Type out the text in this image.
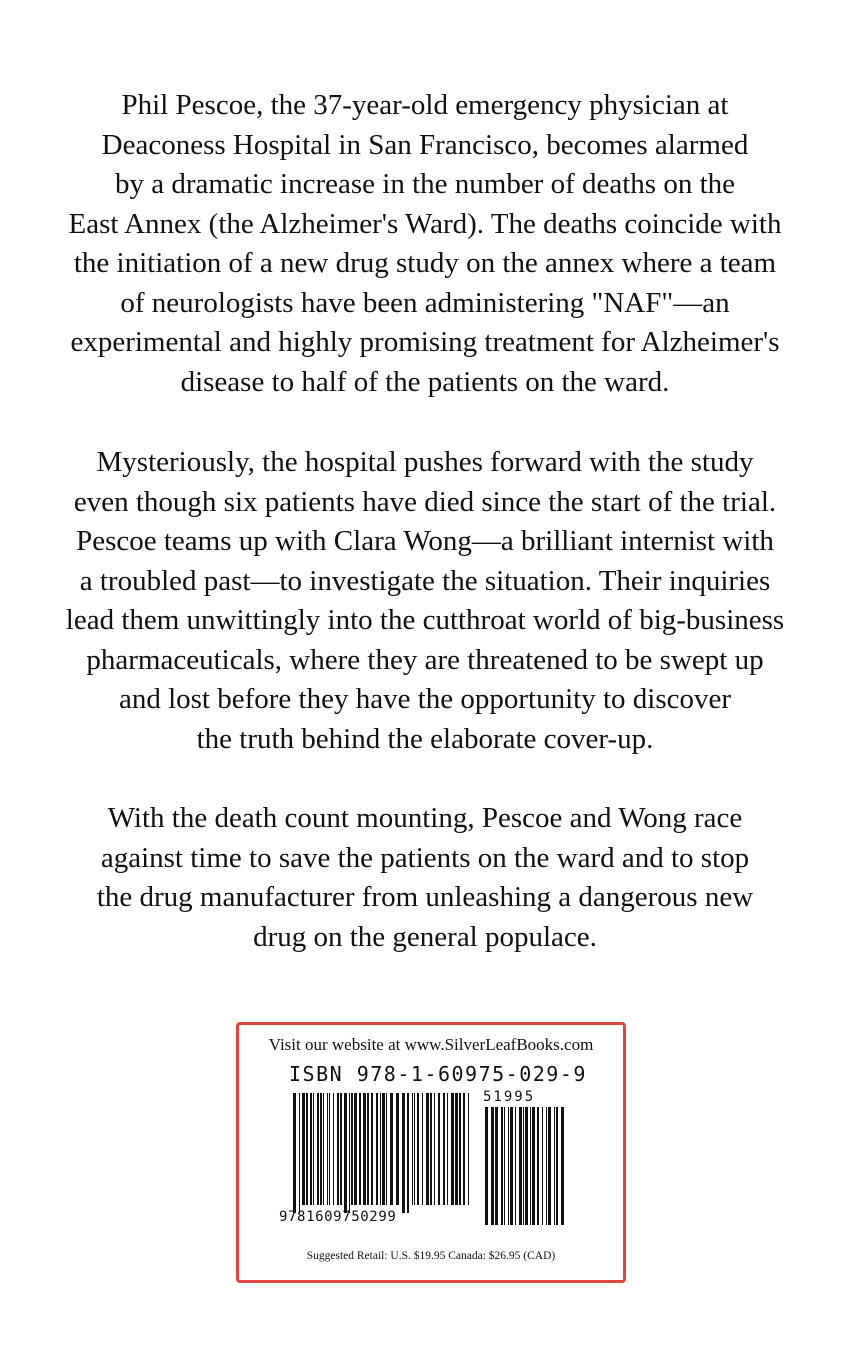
Phil Pescoe, the 37-year-old emergency physician at
Deaconess Hospital in San Francisco, becomes alarmed
by a dramatic increase in the number of deaths on the
East Annex (the Alzheimer's Ward). The deaths coincide with
the initiation of a new drug study on the annex where a team
of neurologists have been administering "NAF"—an
experimental and highly promising treatment for Alzheimer's
disease to half of the patients on the ward.

Mysteriously, the hospital pushes forward with the study
even though six patients have died since the start of the trial.
Pescoe teams up with Clara Wong—a brilliant internist with
a troubled past—to investigate the situation. Their inquiries
lead them unwittingly into the cutthroat world of big-business
pharmaceuticals, where they are threatened to be swept up
and lost before they have the opportunity to discover
the truth behind the elaborate cover-up.

With the death count mounting, Pescoe and Wong race
against time to save the patients on the ward and to stop
the drug manufacturer from unleashing a dangerous new
drug on the general populace.

Visit our website at www.SilverLeafBooks.com
ISBN 978-1-60975-029-9
51995
9781609750299
Suggested Retail: U.S. $19.95 Canada: $26.95 (CAD)
